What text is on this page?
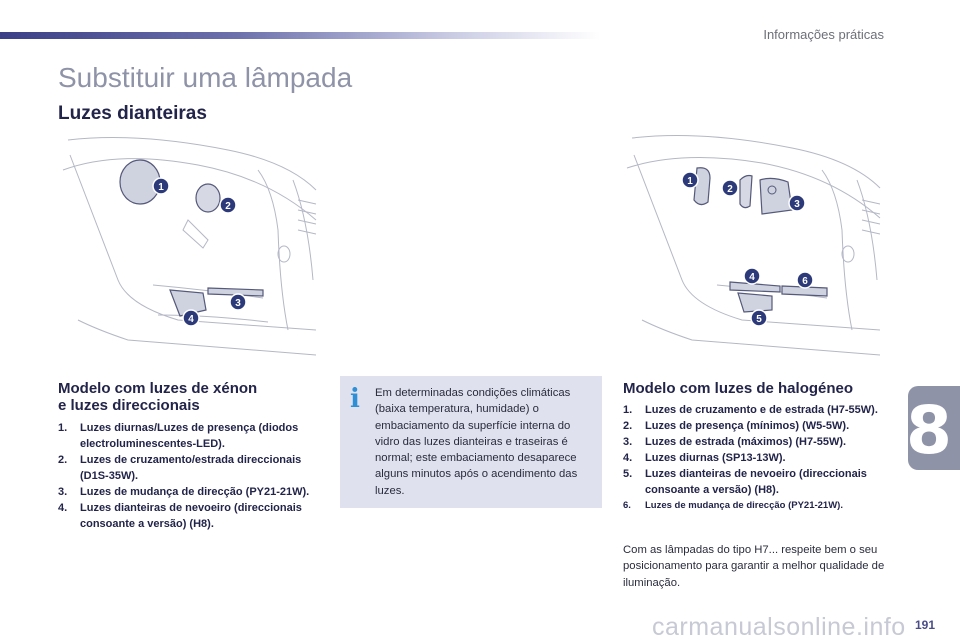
Informações práticas
Substituir uma lâmpada
Luzes dianteiras
1
2
3
4
1
2
3
4
5
6
Modelo com luzes de xénon
e luzes direccionais
1. Luzes diurnas/Luzes de presença (diodos electroluminescentes-LED).
2. Luzes de cruzamento/estrada direccionais (D1S-35W).
3. Luzes de mudança de direcção (PY21-21W).
4. Luzes dianteiras de nevoeiro (direccionais consoante a versão) (H8).
i Em determinadas condições climáticas (baixa temperatura, humidade) o embaciamento da superfície interna do vidro das luzes dianteiras e traseiras é normal; este embaciamento desaparece alguns minutos após o acendimento das luzes.
Modelo com luzes de halogéneo
1. Luzes de cruzamento e de estrada (H7-55W).
2. Luzes de presença (mínimos) (W5-5W).
3. Luzes de estrada (máximos) (H7-55W).
4. Luzes diurnas (SP13-13W).
5. Luzes dianteiras de nevoeiro (direccionais consoante a versão) (H8).
6. Luzes de mudança de direcção (PY21-21W).
Com as lâmpadas do tipo H7... respeite bem o seu posicionamento para garantir a melhor qualidade de iluminação.
8
carmanualsonline.info 191
